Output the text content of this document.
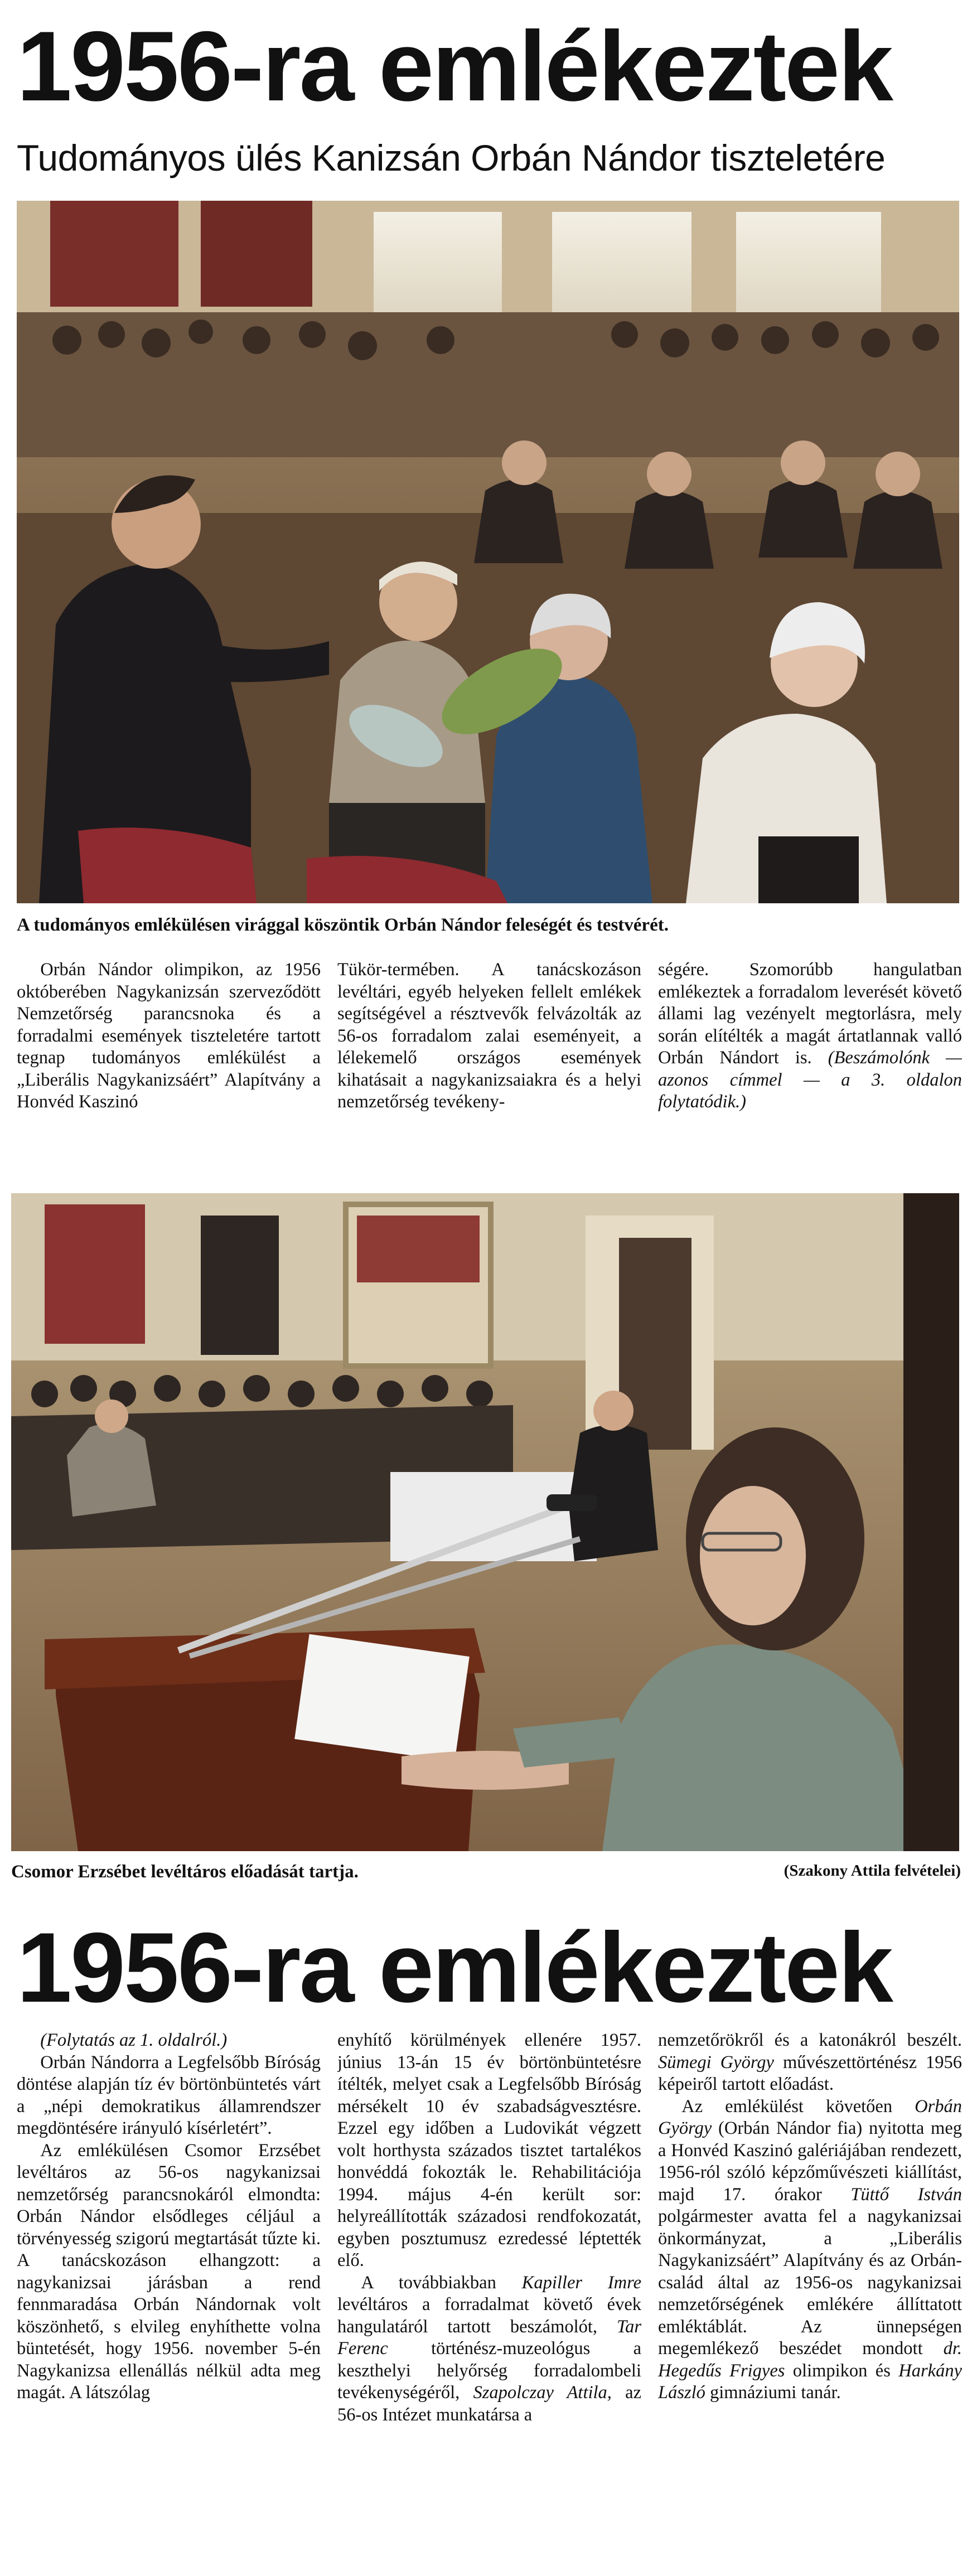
1956-ra emlékeztek
Tudományos ülés Kanizsán Orbán Nándor tiszteletére
A tudományos emlékülésen virággal köszöntik Orbán Nándor feleségét és testvérét.

Orbán Nándor olimpikon, az 1956 októberében Nagykanizsán szerveződött Nemzetőrség parancsnoka és a forradalmi események tiszteletére tartott tegnap tudományos emlékülést a „Liberális Nagykanizsáért” Alapítvány a Honvéd Kaszinó

Tükör-termében. A tanácskozáson levéltári, egyéb helyeken fellelt emlékek segítségével a résztvevők felvázolták az 56-os forradalom zalai eseményeit, a lélekemelő országos események kihatásait a nagykanizsaiakra és a helyi nemzetőrség tevékeny-

ségére. Szomorúbb hangulatban emlékeztek a forradalom leverését követő állami lag vezényelt megtorlásra, mely során elítélték a magát ártatlannak valló Orbán Nándort is. (Beszámolónk — azonos címmel — a 3. oldalon folytatódik.)

Csomor Erzsébet levéltáros előadását tartja.	(Szakony Attila felvételei)
1956-ra emlékeztek

(Folytatás az 1. oldalról.)

Orbán Nándorra a Legfelsőbb Bíróság döntése alapján tíz év börtönbüntetés várt a „népi demokratikus államrendszer megdöntésére irányuló kísérletért”.

Az emlékülésen Csomor Erzsébet levéltáros az 56-os nagykanizsai nemzetőrség parancsnokáról elmondta: Orbán Nándor elsődleges céljául a törvényesség szigorú megtartását tűzte ki. A tanácskozáson elhangzott: a nagykanizsai járásban a rend fennmaradása Orbán Nándornak volt köszönhető, s elvileg enyhíthette volna büntetését, hogy 1956. november 5-én Nagykanizsa ellenállás nélkül adta meg magát. A látszólag

enyhítő körülmények ellenére 1957. június 13-án 15 év börtönbüntetésre ítélték, melyet csak a Legfelsőbb Bíróság mérsékelt 10 év szabadságvesztésre. Ezzel egy időben a Ludovikát végzett volt horthysta százados tisztet tartalékos honvéddá fokozták le. Rehabilitációja 1994. május 4-én került sor: helyreállították századosi rendfokozatát, egyben posztumusz ezredessé léptették elő.

A továbbiakban Kapiller Imre levéltáros a forradalmat követő évek hangulatáról tartott beszámolót, Tar Ferenc történész-muzeológus a keszthelyi helyőrség forradalombeli tevékenységéről, Szapolczay Attila, az 56-os Intézet munkatársa a

nemzetőrökről és a katonákról beszélt. Sümegi György művészettörténész 1956 képeiről tartott előadást.

Az emlékülést követően Orbán György (Orbán Nándor fia) nyitotta meg a Honvéd Kaszinó galériájában rendezett, 1956-ról szóló képzőművészeti kiállítást, majd 17. órakor Tüttő István polgármester avatta fel a nagykanizsai önkormányzat, a „Liberális Nagykanizsáért” Alapítvány és az Orbán-család által az 1956-os nagykanizsai nemzetőrségének emlékére állíttatott emléktáblát. Az ünnepségen megemlékező beszédet mondott dr. Hegedűs Frigyes olimpikon és Harkány László gimnáziumi tanár.
